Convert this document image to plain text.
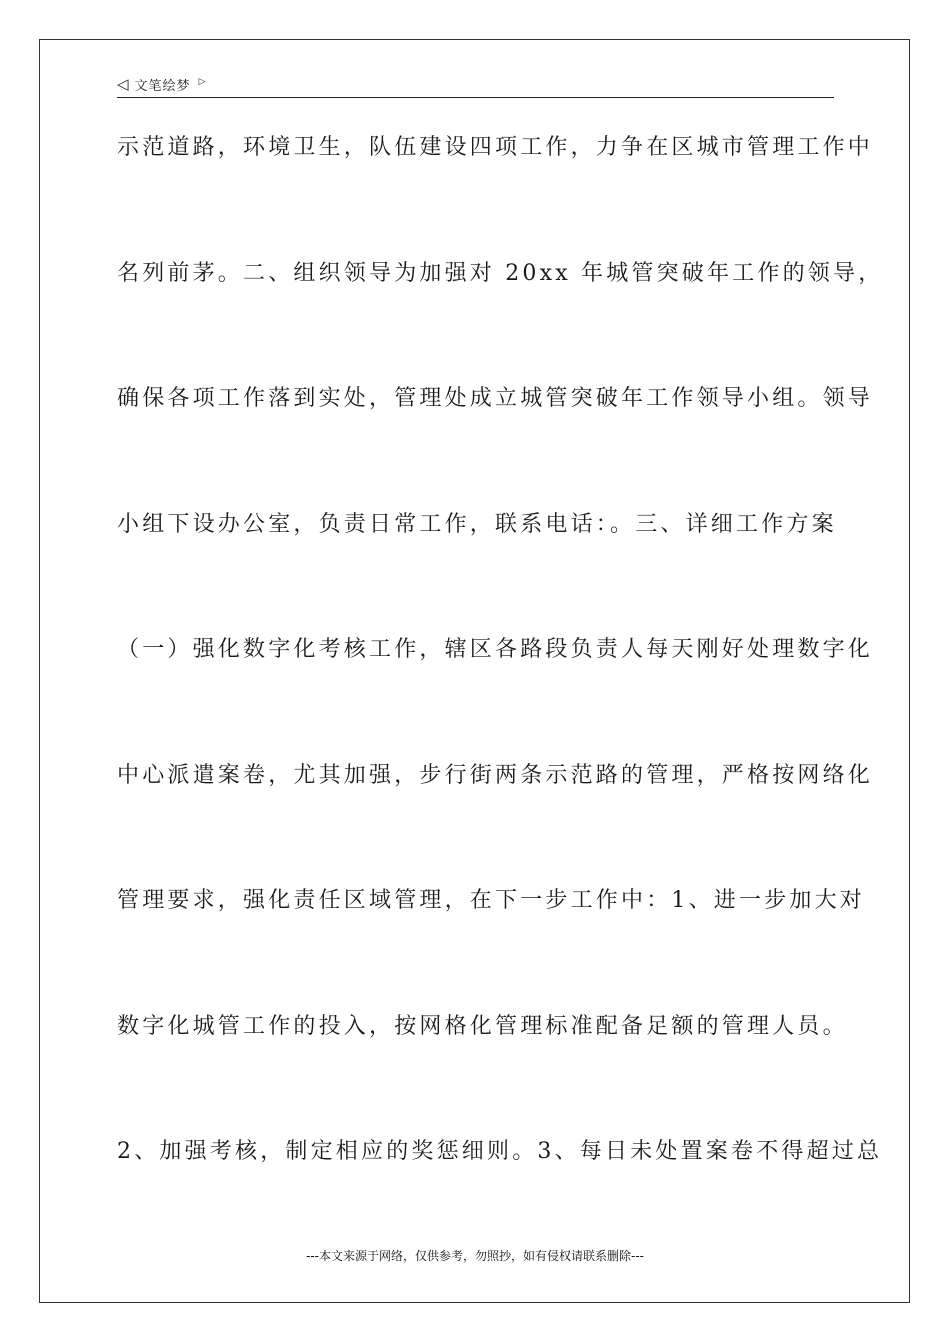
◁ 文笔绘梦 ▷
示范道路，环境卫生，队伍建设四项工作，力争在区城市管理工作中
名列前茅。二、组织领导为加强对 20xx 年城管突破年工作的领导，
确保各项工作落到实处，管理处成立城管突破年工作领导小组。领导
小组下设办公室，负责日常工作，联系电话：。三、详细工作方案
（一）强化数字化考核工作，辖区各路段负责人每天刚好处理数字化
中心派遣案卷，尤其加强，步行街两条示范路的管理，严格按网络化
管理要求，强化责任区域管理，在下一步工作中：1、进一步加大对
数字化城管工作的投入，按网格化管理标准配备足额的管理人员。
2、加强考核，制定相应的奖惩细则。3、每日未处置案卷不得超过总
---本文来源于网络，仅供参考，勿照抄，如有侵权请联系删除---
